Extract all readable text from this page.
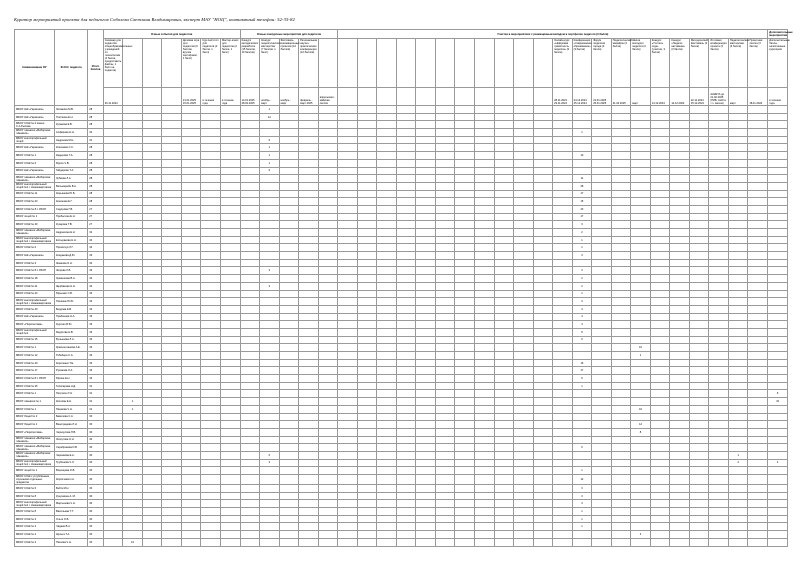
Куратор мероприятий проекта для педагогов Соболева Светлана Владимировна, эксперт МАУ "НОЦ", контактный телефон: 52-35-82
Наименование ОУ	Ф.И.О. педагога	Итого баллов	Очные события для педагогов							Очные конкурсные мероприятия для педагогов					Участие в мероприятиях с размещённым вкладом в портфолио педагога (3 балла)																						Дополнительные мероприятия
			Семинар для педагогов общеобразовательных учреждений по технологиям (4 балла, предоставить файлы, 1 балл на педагога)				Деловая игра для педагогов (6 баллов, вручён сертификат, 1 балл)	Круглый стол для педагогов (2 балла, 1 балл)	Мастер-класс для педагогов (2 балла, 1 балл)	Конкурс методических разработок (15 баллов, 10 баллов)	Конкурс педагогического мастерства (7 баллов, 1 балл)	Фестиваль инновационных проектов (12 баллов)	Региональная научно-практическая конференция (10 баллов)													Онлайн-курс «Цифровая грамотность педагога» (3 балла)	Конференция «Современное образование» (3 балла)	Форум педагогов города (3 балла)	Педагогический марафон (3 балла)	Школа молодого педагога (3 балла)	Конкурс «Учитель года» (участие, 3 балла)	Конкурс «Педагог-наставник» (3 балла)	Методический фестиваль (3 балла)	Итоговая конференция проекта (3 балла)	Педагогическая мастерская (3 балла)	Проектная сессия (3 балла)	Дополнительные баллы, начисленные куратором
			26.11.2024				21.01.2025 15.01.2025	в течение года	в течение года	14.01.2025 28.02.2025	ноябрь - март	ноябрь - март	февраль - март 2025	апрельская - майская сессия												28.11.2024 29.11.2024	24.12.2024 25.12.2024	21.01.2025 25.01.2025	21.02.2025	март	14.12.2024	14.12.2024	22.11.2024 15.12.2024	АНКЕТА до 21.02.2025 (ПИБ, АНО в т.ч. заочно)	март	18.11.2024	в течение года
МБОУ НШ «Гармония»	Лоханина М.В.	28									1																										
МБОУ НШ «Гармония»	Плиткина Е.Н.	28									12																										
МБОУ СОШ № 2 имени С.А.Рылова	Кусакова Е.В.	28																																			
МБОУ гимназия «Вибирская гимназия»	Алфёрова Н.Н.	34																									1										
МБОУ многопрофильный лицей	Андреева М.Н.	31									6																										
МБОУ НШ «Гармония»	Ключевая С.С.	28									1																										
МБОУ СОШ № 1	Кадырова Т.А.	28									1																13										
МБОУ СОШ № 6	Фроло Ч.В.	28									1																										
МБОУ НШ «Гармония»	Гайдарова Т.А.	28									6																										
МБОУ гимназия «Вибирская гимназия»	Зубкова Л.А.	28																									11										
МБОУ многопрофильный лицей №1 г. Нижневартовска	Вильемрейн В.А.	28																									28										
МБОУ СОШ № 11	Кирьянова Ю.Б.	28																									17										
МБОУ СОШ № 23	Кононова Е.Г.	28																									15										
МБОУ СОШ № 8 с УИОП	Сидорова Г.В.	27																									23										
МБОУ лицей № 1	Прибытина Е.Н.	27																									17										
МБОУ СОШ № 40	Кухарова Т.В.	27																									3										
МБОУ гимназия «Вибирская гимназия»	Андрюхина Е.Н.	32																									2										
МБОУ многопрофильный лицей №1 г. Нижневартовска	Елтыракова Н.Н.	34																									1										
МБОУ СОШ № 6	Прокопчук Л.Г.	34																									1										
МБОУ НШ «Гармония»	Кондакова Д.Ю.	33																									3										
МБОУ СОШ № 3	Зимнова О.Н.	34																																			
МБОУ СОШ № 8 с УИОП	Жирова Л.Б.	33									3																3										
МБОУ СОШ № 18	Зуевинская В.А.	34																									2										
МБОУ СОШ № 21	Щербакова Н.Н.	34									3																2										
МБОУ СОШ № 24	Юрьенко С.В.	33																									1										
МБОУ многопрофильный лицей №1 г. Нижневартовска	Писанюк Ю.Ю.	33																									3										
МБОУ СОШ № 40	Бердова Е.В.	33																									4										
МБОУ НШ «Гармония»	Прабонова Н.А.	33																									4										
МБОУ «Перспектива»	Курочко В.Ю.	33																									4										
МБОУ многопрофильный лицей №1	Федотова Н.В.	33																									5										
МБОУ СОШ № 15	Бульенова Л.А.	33																									6										
МБОУ СОШ № 1	Красноштанова А.Е.	33																												10							
МБОУ СОШ № 12	Тибебера С.А.	33																												1							
МБОУ СОШ № 40	Кириленко Т.Е.	33																									16										
МБОУ СОШ № 17	Русанова Л.А.	33																									17										
МБОУ СОШ № 8 с УИОП	Юрина Е.Н.	33																									6										
МБОУ СОШ № 25	Гилёсарова Н.Д.	31																									1										
МБОУ СОШ № 1	Петросян Т.Н.	31																																			6
МБОУ гимназия № 1	Кислова Е.Н.	31		1																																	10
МБОУ СОШ № 1	Пашкова Ч.Н.	31		1																										16							
МБОУ Лицей № 2	Бавилова С.А.	30																																			
МБОУ Лицей № 1	Виноградова Л.Н.	30																												12							
МБОУ «Перспектива»	Черноусова П.В.	30																												8							
МБОУ гимназия «Вибирская гимназия»	Лоскутова О.Н.	30																																			
МБОУ гимназия «Вибирская гимназия»	Серебрякова И.В.	30																									6										
МБОУ гимназия «Вибирская гимназия»	Черникова Е.А.	30									6																								1		
МБОУ многопрофильный лицей №1 г. Нижневартовска	Трубинова Ч.Л.	30									3																								2		4
МБОУ лицей № 1	Воронцова О.В.	30																									1										
МБОУ СОШ с углублённым изучением отдельных предметов	Кирпичева Н.А.	30																									12										
МБОУ СОШ № 6	Бэйтэ М.Н.	30																									3										
МБОУ СОШ № 8	Кукушкина А. М.	30																									3										
МБОУ многопрофильный лицей №1 г. Нижневартовска	Мартынова Ч.Н.	30																									3										
МБОУ СОШ № 8	Васильева Т.Т.	30																									1										
МБОУ СОШ № 3	Ольги О.В.	30																									1										
МБОУ СОШ № 3	Чадаев В.А.	30																									1										
МБОУ СОШ № 2	Шульга Т.А.	30																												3							
МБОУ СОШ № 3	Паткова Ч.Н.	30		10																																	
